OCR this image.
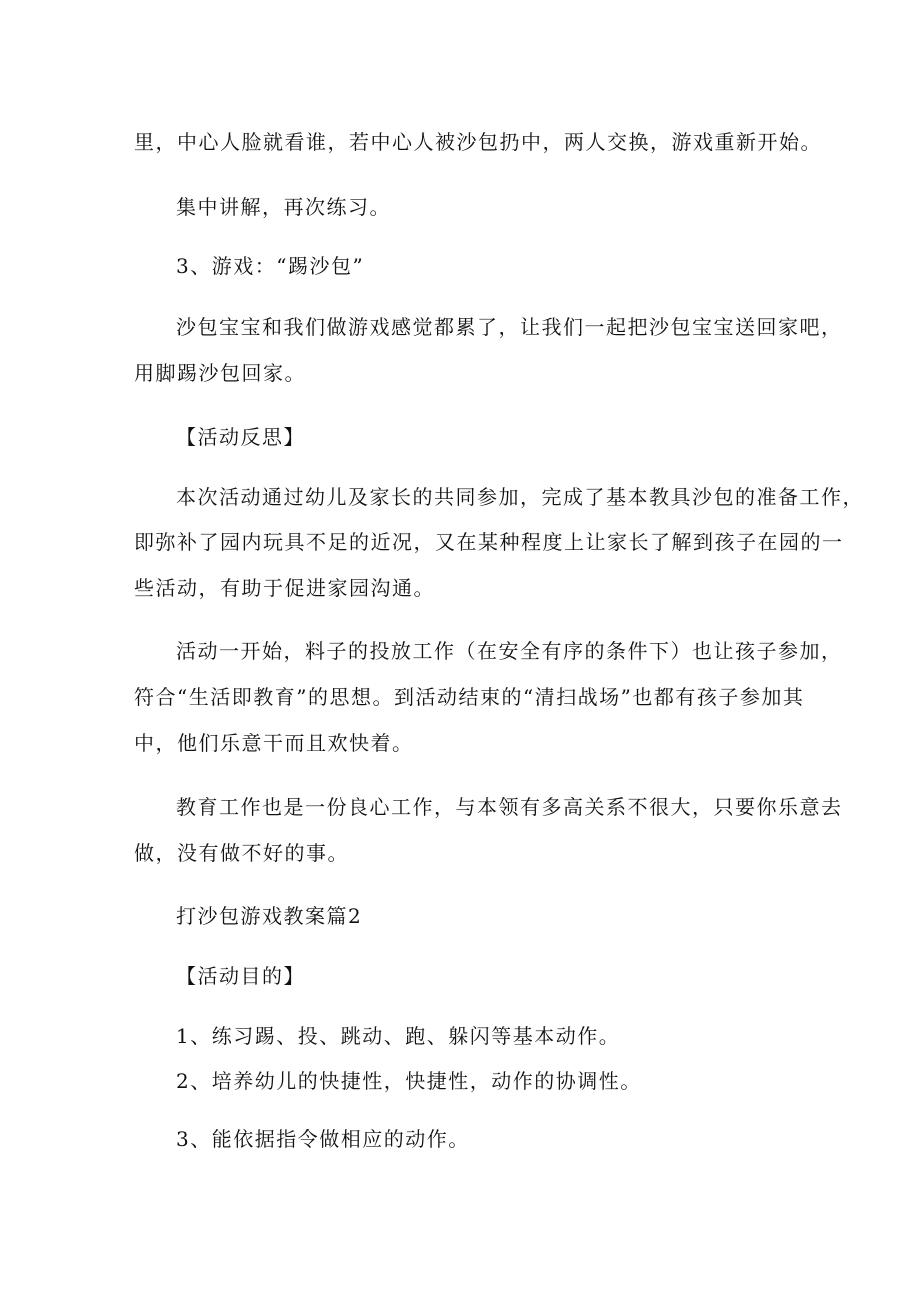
里，中心人脸就看谁，若中心人被沙包扔中，两人交换，游戏重新开始。
集中讲解，再次练习。
3、游戏：“踢沙包”
沙包宝宝和我们做游戏感觉都累了，让我们一起把沙包宝宝送回家吧，
用脚踢沙包回家。
【活动反思】
本次活动通过幼儿及家长的共同参加，完成了基本教具沙包的准备工作，
即弥补了园内玩具不足的近况，又在某种程度上让家长了解到孩子在园的一
些活动，有助于促进家园沟通。
活动一开始，料子的投放工作（在安全有序的条件下）也让孩子参加，
符合“生活即教育”的思想。到活动结束的“清扫战场”也都有孩子参加其
中，他们乐意干而且欢快着。
教育工作也是一份良心工作，与本领有多高关系不很大，只要你乐意去
做，没有做不好的事。
打沙包游戏教案篇2
【活动目的】
1、练习踢、投、跳动、跑、躲闪等基本动作。
2、培养幼儿的快捷性，快捷性，动作的协调性。
3、能依据指令做相应的动作。
